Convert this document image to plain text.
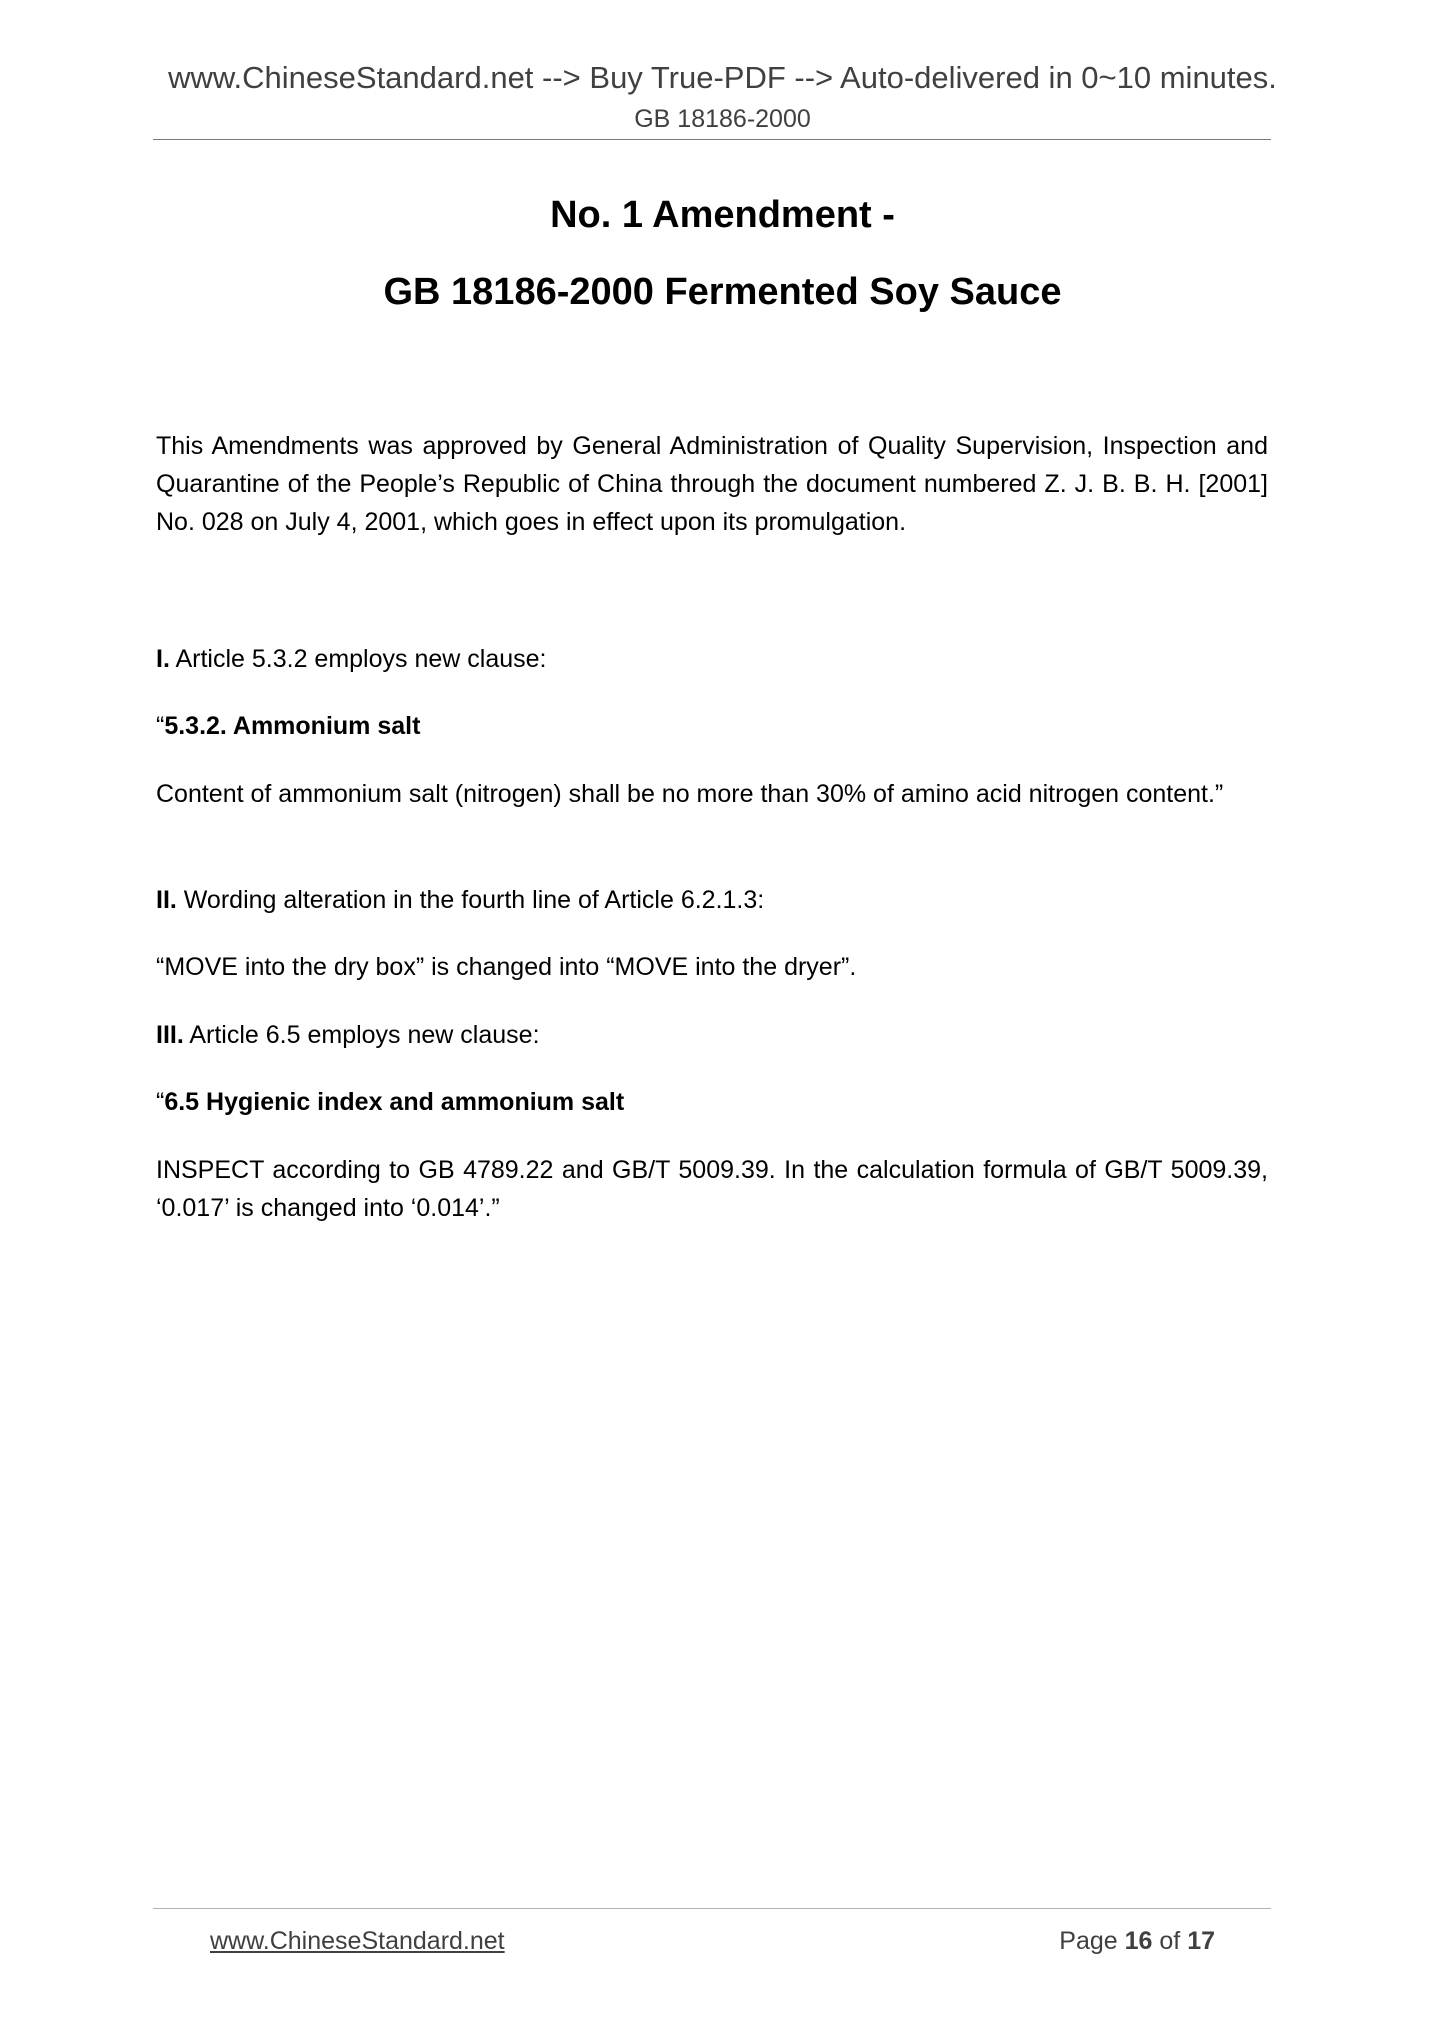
www.ChineseStandard.net --> Buy True-PDF --> Auto-delivered in 0~10 minutes.
GB 18186-2000
No. 1 Amendment -
GB 18186-2000 Fermented Soy Sauce
This Amendments was approved by General Administration of Quality Supervision, Inspection and Quarantine of the People’s Republic of China through the document numbered Z. J. B. B. H. [2001] No. 028 on July 4, 2001, which goes in effect upon its promulgation.
I. Article 5.3.2 employs new clause:
“5.3.2. Ammonium salt
Content of ammonium salt (nitrogen) shall be no more than 30% of amino acid nitrogen content.”
II. Wording alteration in the fourth line of Article 6.2.1.3:
“MOVE into the dry box” is changed into “MOVE into the dryer”.
III. Article 6.5 employs new clause:
“6.5 Hygienic index and ammonium salt
INSPECT according to GB 4789.22 and GB/T 5009.39. In the calculation formula of GB/T 5009.39, ‘0.017’ is changed into ‘0.014’.”
www.ChineseStandard.net	Page 16 of 17
